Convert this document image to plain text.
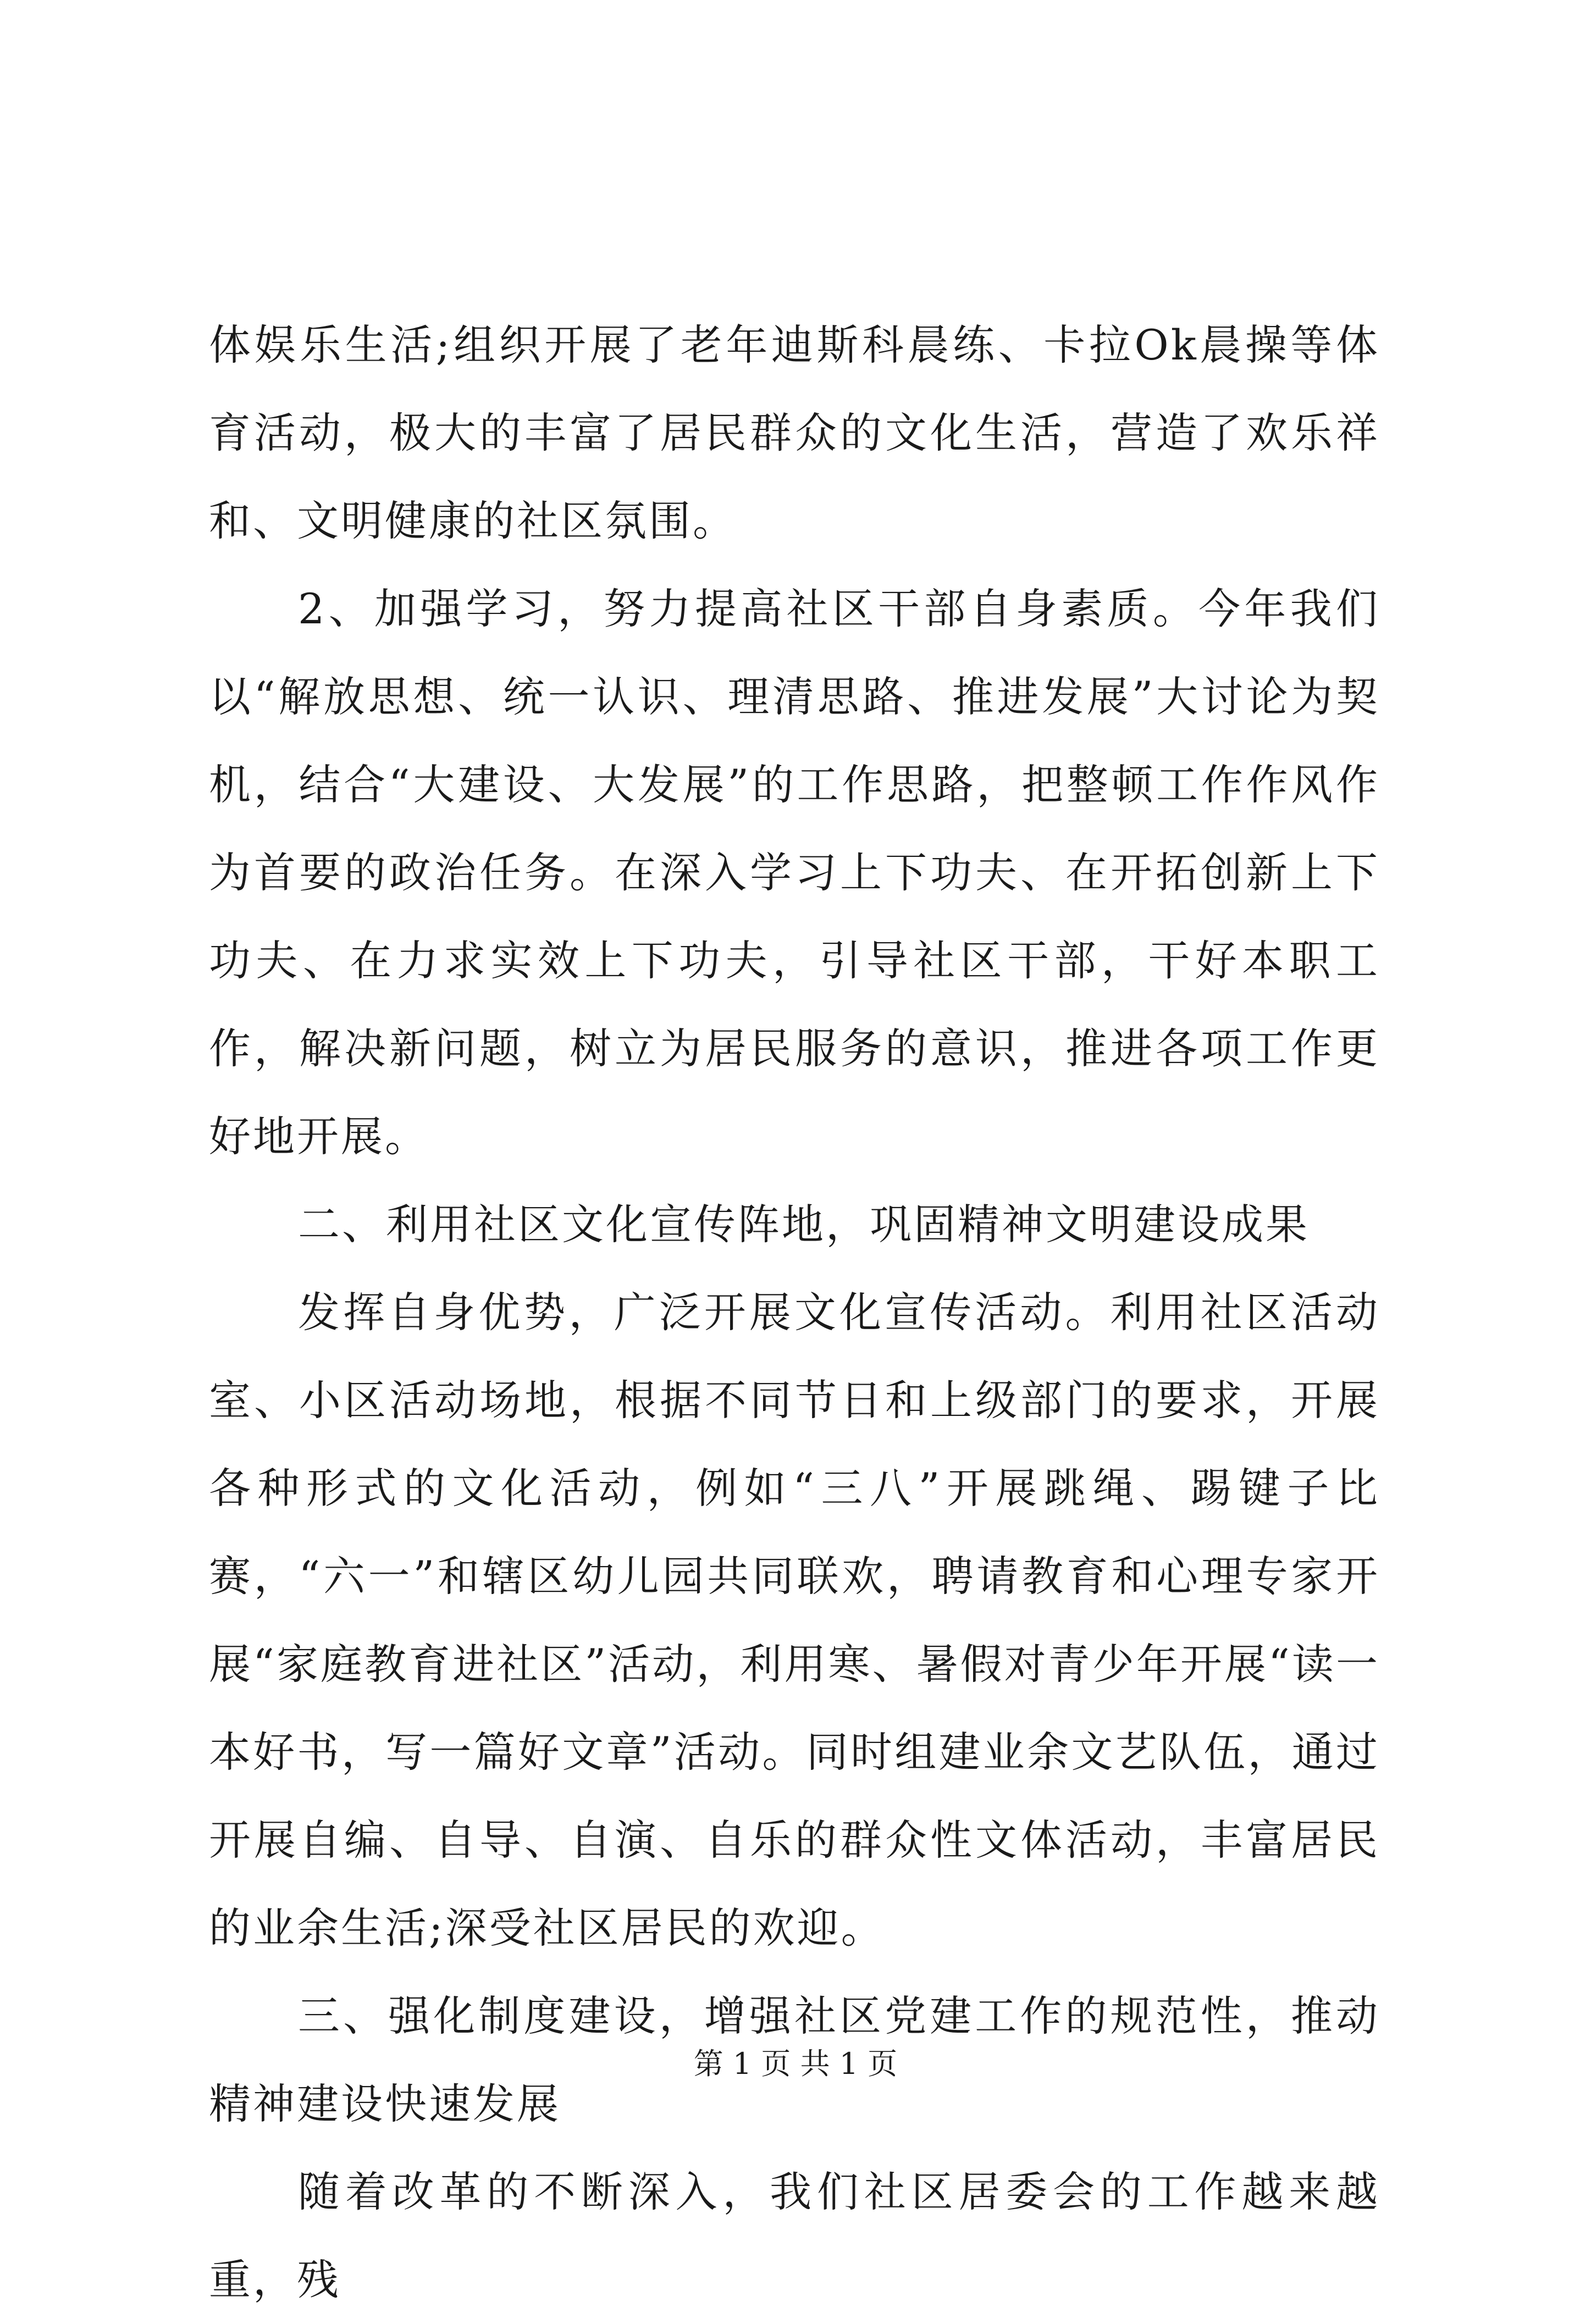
体娱乐生活;组织开展了老年迪斯科晨练、卡拉Ok晨操等体育活动，极大的丰富了居民群众的文化生活，营造了欢乐祥和、文明健康的社区氛围。

2、加强学习，努力提高社区干部自身素质。今年我们以“解放思想、统一认识、理清思路、推进发展”大讨论为契机，结合“大建设、大发展”的工作思路，把整顿工作作风作为首要的政治任务。在深入学习上下功夫、在开拓创新上下功夫、在力求实效上下功夫，引导社区干部，干好本职工作，解决新问题，树立为居民服务的意识，推进各项工作更好地开展。

二、利用社区文化宣传阵地，巩固精神文明建设成果

发挥自身优势，广泛开展文化宣传活动。利用社区活动室、小区活动场地，根据不同节日和上级部门的要求，开展各种形式的文化活动，例如“三八”开展跳绳、踢键子比赛，“六一”和辖区幼儿园共同联欢，聘请教育和心理专家开展“家庭教育进社区”活动，利用寒、暑假对青少年开展“读一本好书，写一篇好文章”活动。同时组建业余文艺队伍，通过开展自编、自导、自演、自乐的群众性文体活动，丰富居民的业余生活;深受社区居民的欢迎。

三、强化制度建设，增强社区党建工作的规范性，推动精神建设快速发展

随着改革的不断深入，我们社区居委会的工作越来越重，残

第 1 页 共 1 页
